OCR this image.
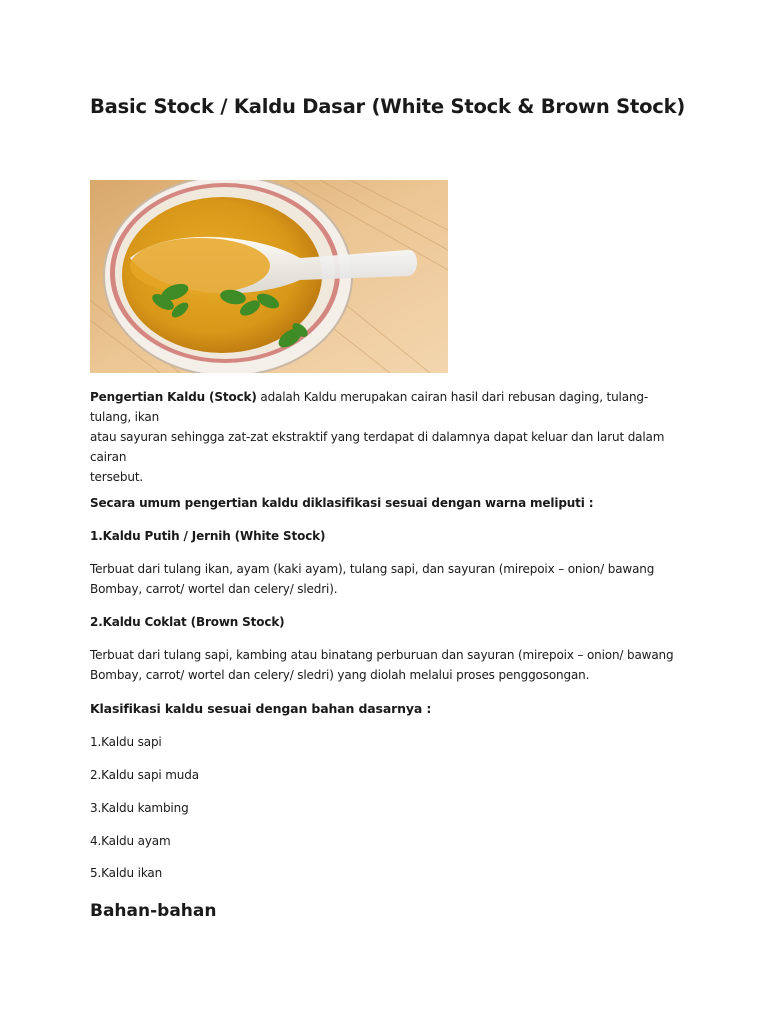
Basic Stock / Kaldu Dasar (White Stock & Brown Stock)

Pengertian Kaldu (Stock) adalah Kaldu merupakan cairan hasil dari rebusan daging, tulang-tulang, ikan
atau sayuran sehingga zat-zat ekstraktif yang terdapat di dalamnya dapat keluar dan larut dalam cairan
tersebut.

Secara umum pengertian kaldu diklasifikasi sesuai dengan warna meliputi :

1.Kaldu Putih / Jernih (White Stock)

Terbuat dari tulang ikan, ayam (kaki ayam), tulang sapi, dan sayuran (mirepoix – onion/ bawang
Bombay, carrot/ wortel dan celery/ sledri).

2.Kaldu Coklat (Brown Stock)

Terbuat dari tulang sapi, kambing atau binatang perburuan dan sayuran (mirepoix – onion/ bawang
Bombay, carrot/ wortel dan celery/ sledri) yang diolah melalui proses penggosongan.

Klasifikasi kaldu sesuai dengan bahan dasarnya :

1.Kaldu sapi

2.Kaldu sapi muda

3.Kaldu kambing

4.Kaldu ayam

5.Kaldu ikan

Bahan-bahan
